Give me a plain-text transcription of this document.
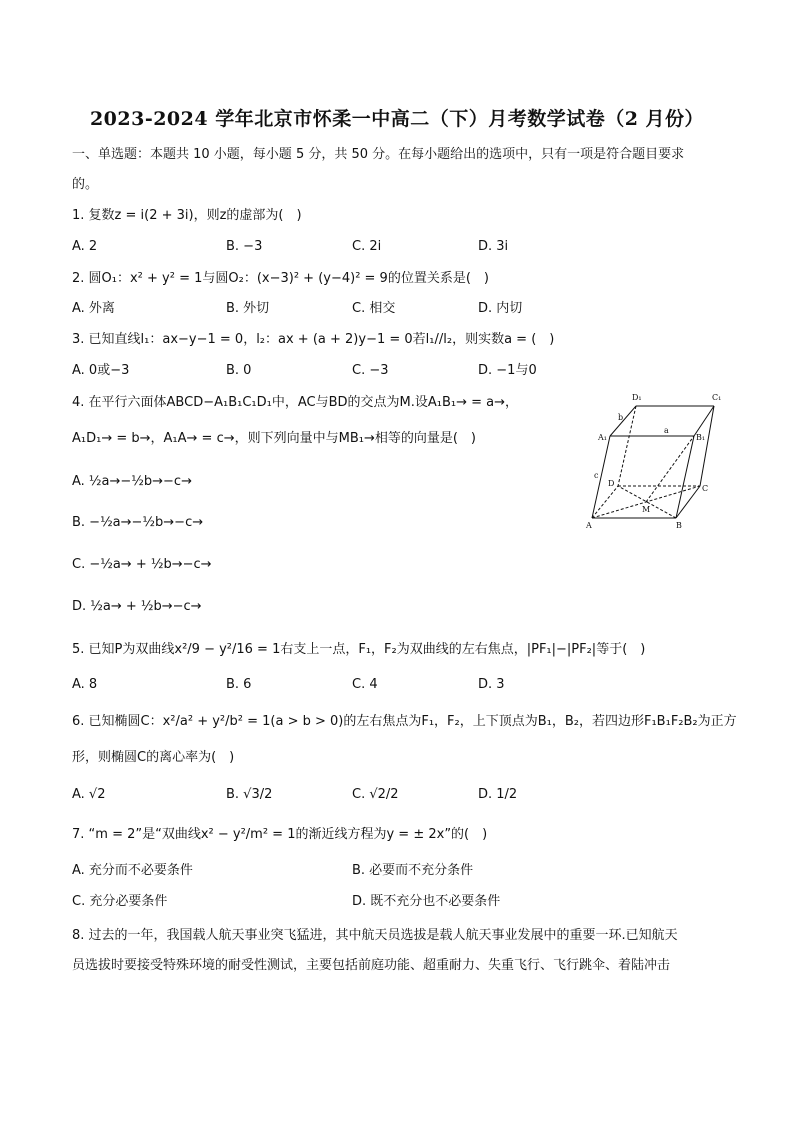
2023-2024 学年北京市怀柔一中高二（下）月考数学试卷（2 月份）
一、单选题：本题共 10 小题，每小题 5 分，共 50 分。在每小题给出的选项中，只有一项是符合题目要求
的。
1. 复数z = i(2 + 3i)，则z的虚部为(　)
A. 2	B. −3	C. 2i	D. 3i
2. 圆O₁：x² + y² = 1与圆O₂：(x−3)² + (y−4)² = 9的位置关系是(　)
A. 外离	B. 外切	C. 相交	D. 内切
3. 已知直线l₁：ax−y−1 = 0，l₂：ax + (a + 2)y−1 = 0若l₁//l₂，则实数a = (　)
A. 0或−3	B. 0	C. −3	D. −1与0
4. 在平行六面体ABCD−A₁B₁C₁D₁中，AC与BD的交点为M.设A₁B₁→ = a→，
A₁D₁→ = b→，A₁A→ = c→，则下列向量中与MB₁→相等的向量是(　)
A. ½a→−½b→−c→
B. −½a→−½b→−c→
C. −½a→ + ½b→−c→
D. ½a→ + ½b→−c→
D₁	C₁
b
a
A₁	B₁
c
D
C
M
A	B
5. 已知P为双曲线x²/9 − y²/16 = 1右支上一点，F₁，F₂为双曲线的左右焦点，|PF₁|−|PF₂|等于(　)
A. 8	B. 6	C. 4	D. 3
6. 已知椭圆C：x²/a² + y²/b² = 1(a > b > 0)的左右焦点为F₁，F₂，上下顶点为B₁，B₂，若四边形F₁B₁F₂B₂为正方
形，则椭圆C的离心率为(　)
A. √2	B. √3/2	C. √2/2	D. 1/2
7. “m = 2”是“双曲线x² − y²/m² = 1的渐近线方程为y = ± 2x”的(　)
A. 充分而不必要条件	B. 必要而不充分条件
C. 充分必要条件	D. 既不充分也不必要条件
8. 过去的一年，我国载人航天事业突飞猛进，其中航天员选拔是载人航天事业发展中的重要一环.已知航天
员选拔时要接受特殊环境的耐受性测试，主要包括前庭功能、超重耐力、失重飞行、飞行跳伞、着陆冲击
